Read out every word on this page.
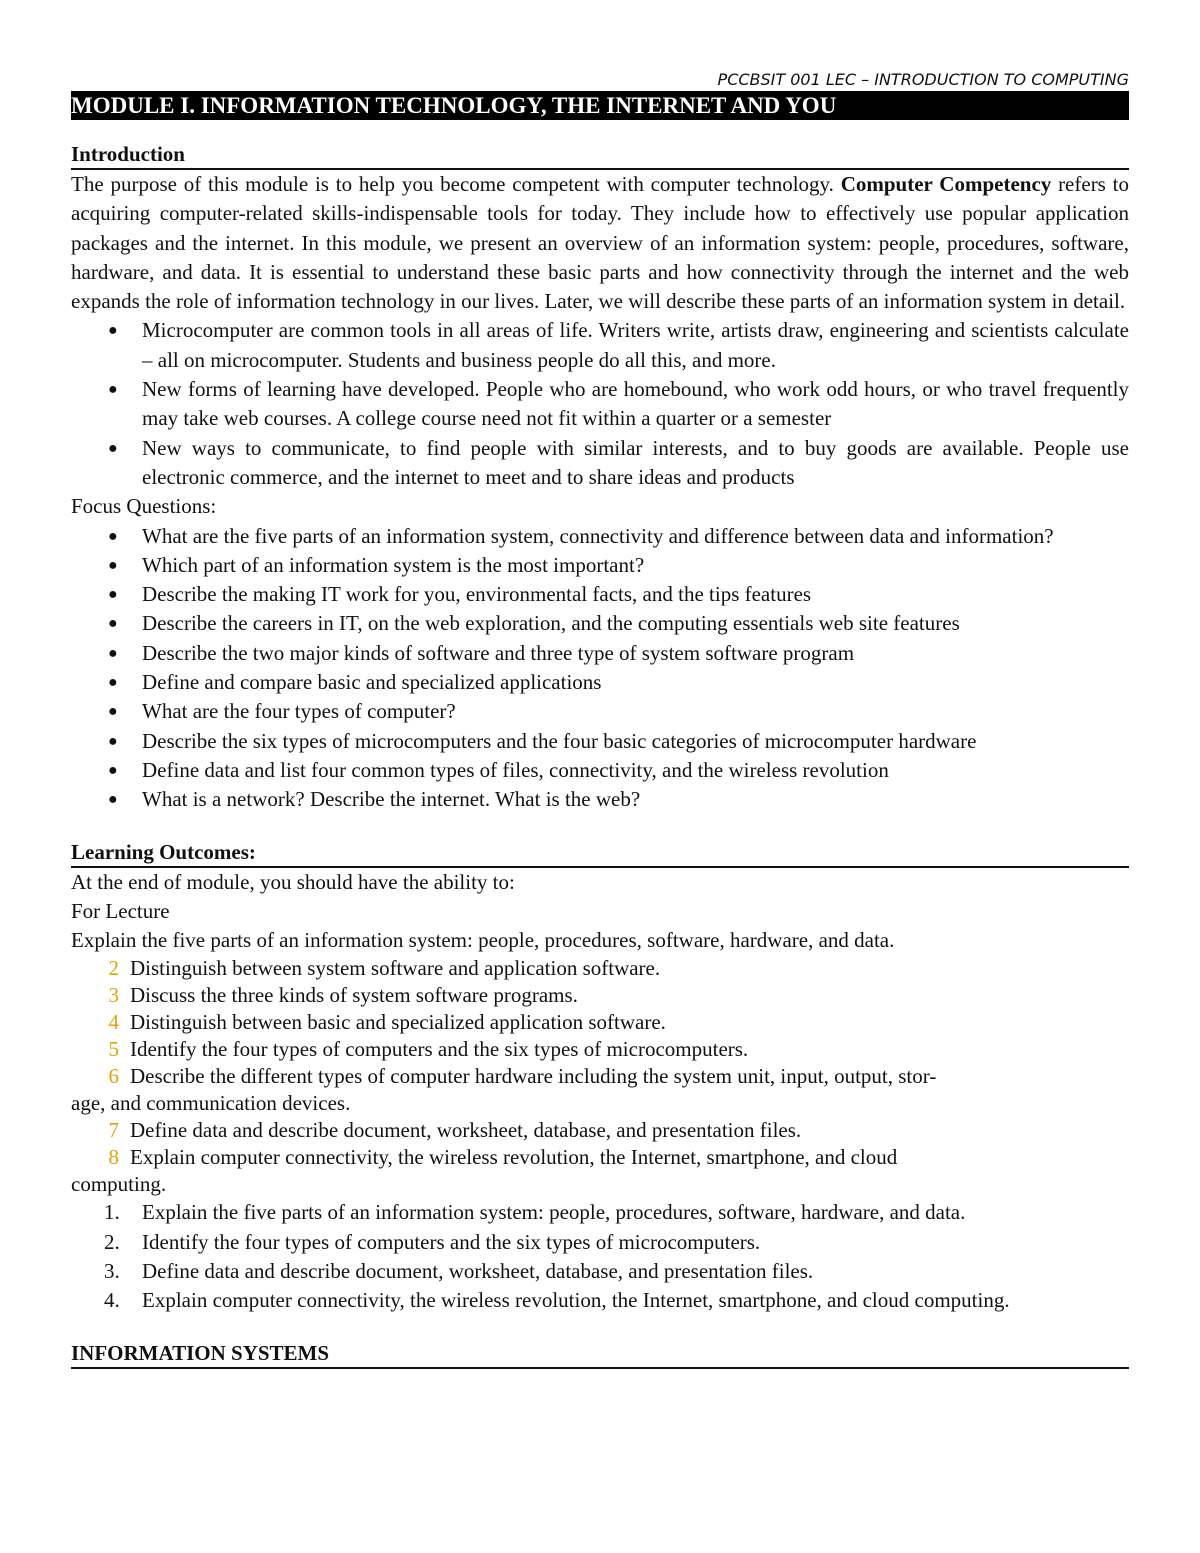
PCCBSIT 001 LEC – INTRODUCTION TO COMPUTING
MODULE I. INFORMATION TECHNOLOGY, THE INTERNET AND YOU
Introduction
The purpose of this module is to help you become competent with computer technology. Computer Competency refers to acquiring computer-related skills-indispensable tools for today. They include how to effectively use popular application packages and the internet. In this module, we present an overview of an information system: people, procedures, software, hardware, and data. It is essential to understand these basic parts and how connectivity through the internet and the web expands the role of information technology in our lives. Later, we will describe these parts of an information system in detail.
● Microcomputer are common tools in all areas of life. Writers write, artists draw, engineering and scientists calculate – all on microcomputer. Students and business people do all this, and more.
● New forms of learning have developed. People who are homebound, who work odd hours, or who travel frequently may take web courses. A college course need not fit within a quarter or a semester
● New ways to communicate, to find people with similar interests, and to buy goods are available. People use electronic commerce, and the internet to meet and to share ideas and products
Focus Questions:
● What are the five parts of an information system, connectivity and difference between data and information?
● Which part of an information system is the most important?
● Describe the making IT work for you, environmental facts, and the tips features
● Describe the careers in IT, on the web exploration, and the computing essentials web site features
● Describe the two major kinds of software and three type of system software program
● Define and compare basic and specialized applications
● What are the four types of computer?
● Describe the six types of microcomputers and the four basic categories of microcomputer hardware
● Define data and list four common types of files, connectivity, and the wireless revolution
● What is a network? Describe the internet. What is the web?
Learning Outcomes:
At the end of module, you should have the ability to:
For Lecture
Explain the five parts of an information system: people, procedures, software, hardware, and data.
2 Distinguish between system software and application software.
3 Discuss the three kinds of system software programs.
4 Distinguish between basic and specialized application software.
5 Identify the four types of computers and the six types of microcomputers.
6 Describe the different types of computer hardware including the system unit, input, output, stor-
age, and communication devices.
7 Define data and describe document, worksheet, database, and presentation files.
8 Explain computer connectivity, the wireless revolution, the Internet, smartphone, and cloud
computing.
1. Explain the five parts of an information system: people, procedures, software, hardware, and data.
2. Identify the four types of computers and the six types of microcomputers.
3. Define data and describe document, worksheet, database, and presentation files.
4. Explain computer connectivity, the wireless revolution, the Internet, smartphone, and cloud computing.
INFORMATION SYSTEMS
